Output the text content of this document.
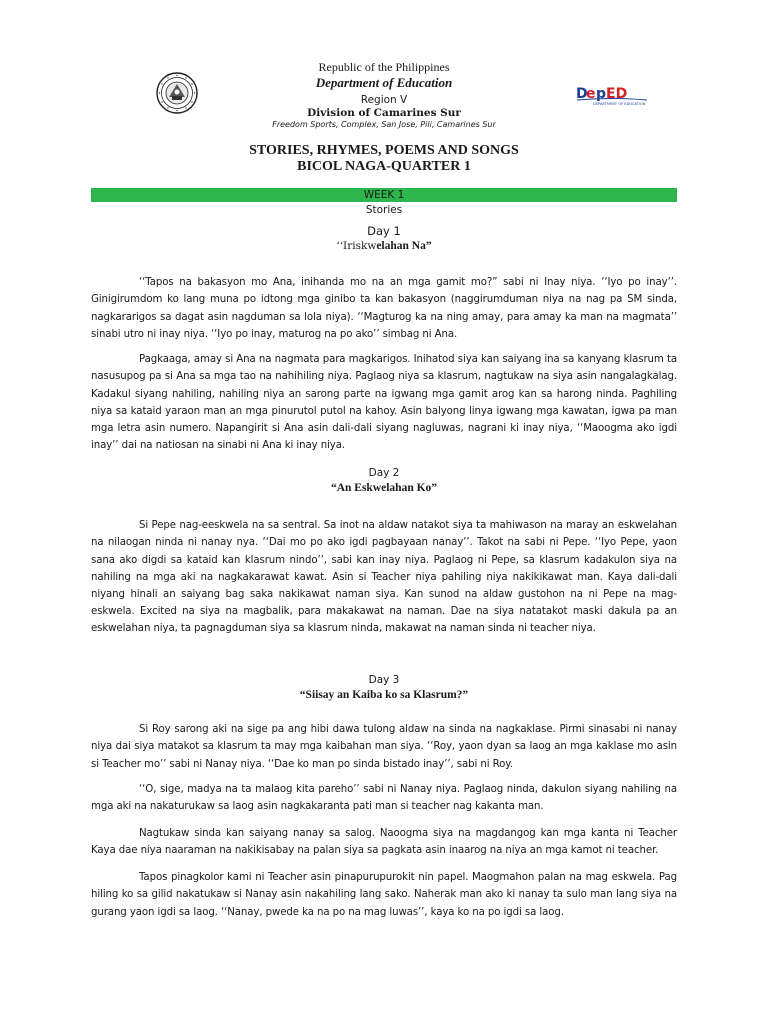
D
e p ED
DEPARTMENT OF EDUCATION
Republic of the Philippines
Department of Education
Region V
Division of Camarines Sur
Freedom Sports, Complex, San Jose, Pili, Camarines Sur
STORIES, RHYMES, POEMS AND SONGS
BICOL NAGA-QUARTER 1
WEEK 1
Stories
Day 1
‘‘Iriskwelahan Na”

‘‘Tapos na bakasyon mo Ana, inihanda mo na an mga gamit mo?” sabi ni Inay niya. ‘‘Iyo po inay’’. Ginigirumdom ko lang muna po idtong mga ginibo ta kan bakasyon (naggirumduman niya na nag pa SM sinda, nagkararigos sa dagat asin nagduman sa lola niya). ‘‘Magturog ka na ning amay, para amay ka man na magmata’’ sinabi utro ni inay niya. ‘‘Iyo po inay, maturog na po ako’’ simbag ni Ana.

Pagkaaga, amay si Ana na nagmata para magkarigos. Inihatod siya kan saiyang ina sa kanyang klasrum ta nasusupog pa si Ana sa mga tao na nahihiling niya. Paglaog niya sa klasrum, nagtukaw na siya asin nangalagkalag. Kadakul siyang nahiling, nahiling niya an sarong parte na igwang mga gamit arog kan sa harong ninda. Paghiling niya sa kataid yaraon man an mga pinurutol putol na kahoy. Asin balyong linya igwang mga kawatan, igwa pa man mga letra asin numero. Napangirit si Ana asin dali-dali siyang nagluwas, nagrani ki inay niya, ‘‘Maoogma ako igdi inay’’ dai na natiosan na sinabi ni Ana ki inay niya.

Day 2
“An Eskwelahan Ko”

Si Pepe nag-eeskwela na sa sentral. Sa inot na aldaw natakot siya ta mahiwason na maray an eskwelahan na nilaogan ninda ni nanay nya. ‘‘Dai mo po ako igdi pagbayaan nanay’’. Takot na sabi ni Pepe. ‘‘Iyo Pepe, yaon sana ako digdi sa kataid kan klasrum nindo’’, sabi kan inay niya. Paglaog ni Pepe, sa klasrum kadakulon siya na nahiling na mga aki na nagkakarawat kawat. Asin si Teacher niya pahiling niya nakikikawat man. Kaya dali-dali niyang hinali an saiyang bag saka nakikawat naman siya. Kan sunod na aldaw gustohon na ni Pepe na mag-eskwela. Excited na siya na magbalik, para makakawat na naman. Dae na siya natatakot maski dakula pa an eskwelahan niya, ta pagnagduman siya sa klasrum ninda, makawat na naman sinda ni teacher niya.

Day 3
“Siisay an Kaiba ko sa Klasrum?”

Si Roy sarong aki na sige pa ang hibi dawa tulong aldaw na sinda na nagkaklase. Pirmi sinasabi ni nanay niya dai siya matakot sa klasrum ta may mga kaibahan man siya. ‘‘Roy, yaon dyan sa laog an mga kaklase mo asin si Teacher mo’’ sabi ni Nanay niya. ‘‘Dae ko man po sinda bistado inay’’, sabi ni Roy.

‘‘O, sige, madya na ta malaog kita pareho’’ sabi ni Nanay niya. Paglaog ninda, dakulon siyang nahiling na mga aki na nakaturukaw sa laog asin nagkakaranta pati man si teacher nag kakanta man.

Nagtukaw sinda kan saiyang nanay sa salog. Naoogma siya na magdangog kan mga kanta ni Teacher Kaya dae niya naaraman na nakikisabay na palan siya sa pagkata asin inaarog na niya an mga kamot ni teacher.

Tapos pinagkolor kami ni Teacher asin pinapurupurokit nin papel. Maogmahon palan na mag eskwela. Pag hiling ko sa gilid nakatukaw si Nanay asin nakahiling lang sako. Naherak man ako ki nanay ta sulo man lang siya na gurang yaon igdi sa laog. ‘‘Nanay, pwede ka na po na mag luwas’’, kaya ko na po igdi sa laog.
